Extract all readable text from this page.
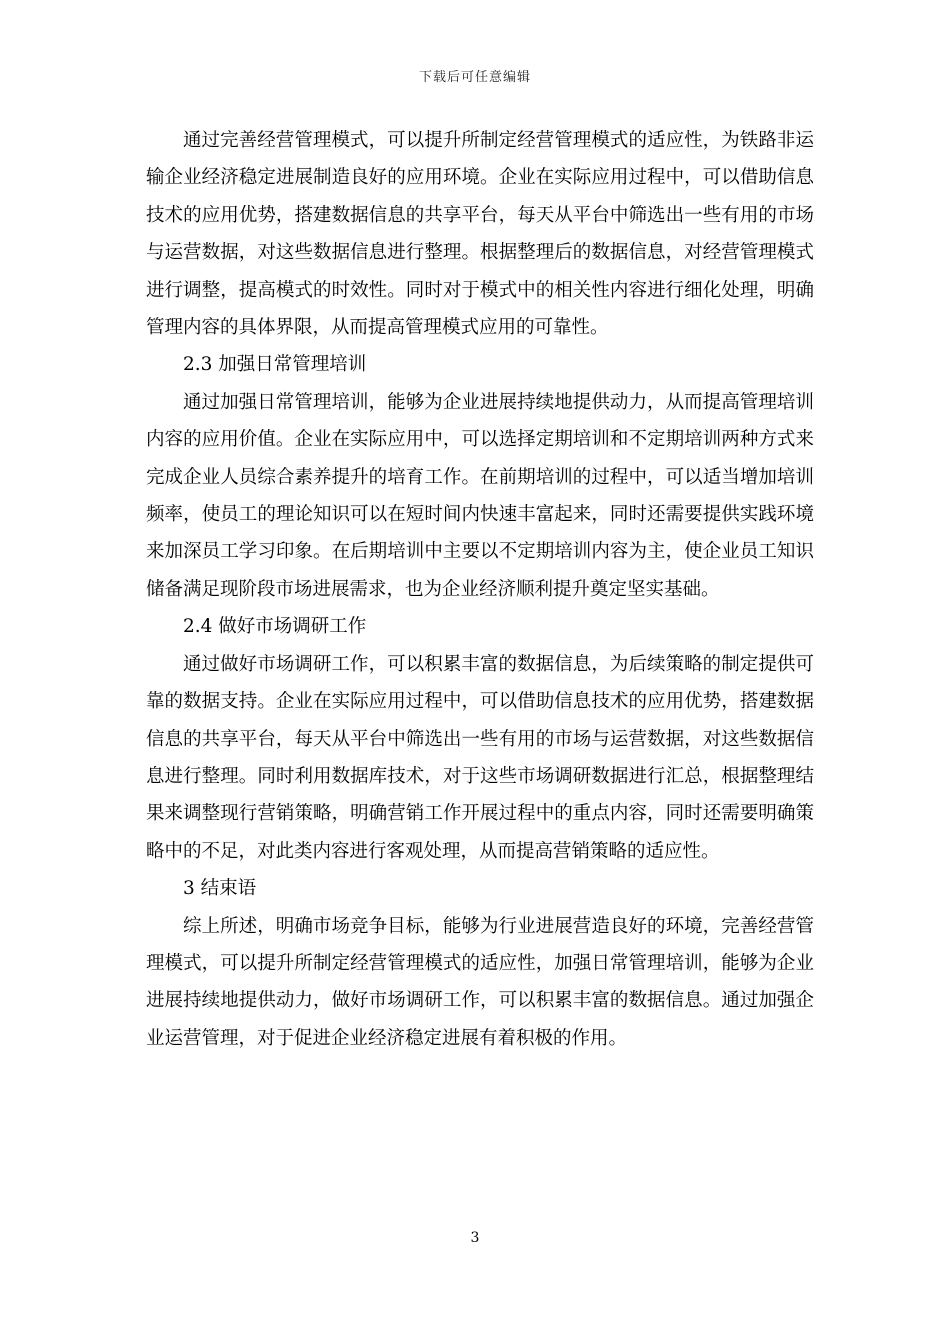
下载后可任意编辑

通过完善经营管理模式，可以提升所制定经营管理模式的适应性，为铁路非运输企业经济稳定进展制造良好的应用环境。企业在实际应用过程中，可以借助信息技术的应用优势，搭建数据信息的共享平台，每天从平台中筛选出一些有用的市场与运营数据，对这些数据信息进行整理。根据整理后的数据信息，对经营管理模式进行调整，提高模式的时效性。同时对于模式中的相关性内容进行细化处理，明确管理内容的具体界限，从而提高管理模式应用的可靠性。

2.3 加强日常管理培训

通过加强日常管理培训，能够为企业进展持续地提供动力，从而提高管理培训内容的应用价值。企业在实际应用中，可以选择定期培训和不定期培训两种方式来完成企业人员综合素养提升的培育工作。在前期培训的过程中，可以适当增加培训频率，使员工的理论知识可以在短时间内快速丰富起来，同时还需要提供实践环境来加深员工学习印象。在后期培训中主要以不定期培训内容为主，使企业员工知识储备满足现阶段市场进展需求，也为企业经济顺利提升奠定坚实基础。

2.4 做好市场调研工作

通过做好市场调研工作，可以积累丰富的数据信息，为后续策略的制定提供可靠的数据支持。企业在实际应用过程中，可以借助信息技术的应用优势，搭建数据信息的共享平台，每天从平台中筛选出一些有用的市场与运营数据，对这些数据信息进行整理。同时利用数据库技术，对于这些市场调研数据进行汇总，根据整理结果来调整现行营销策略，明确营销工作开展过程中的重点内容，同时还需要明确策略中的不足，对此类内容进行客观处理，从而提高营销策略的适应性。

3 结束语

综上所述，明确市场竞争目标，能够为行业进展营造良好的环境，完善经营管理模式，可以提升所制定经营管理模式的适应性，加强日常管理培训，能够为企业进展持续地提供动力，做好市场调研工作，可以积累丰富的数据信息。通过加强企业运营管理，对于促进企业经济稳定进展有着积极的作用。

3
